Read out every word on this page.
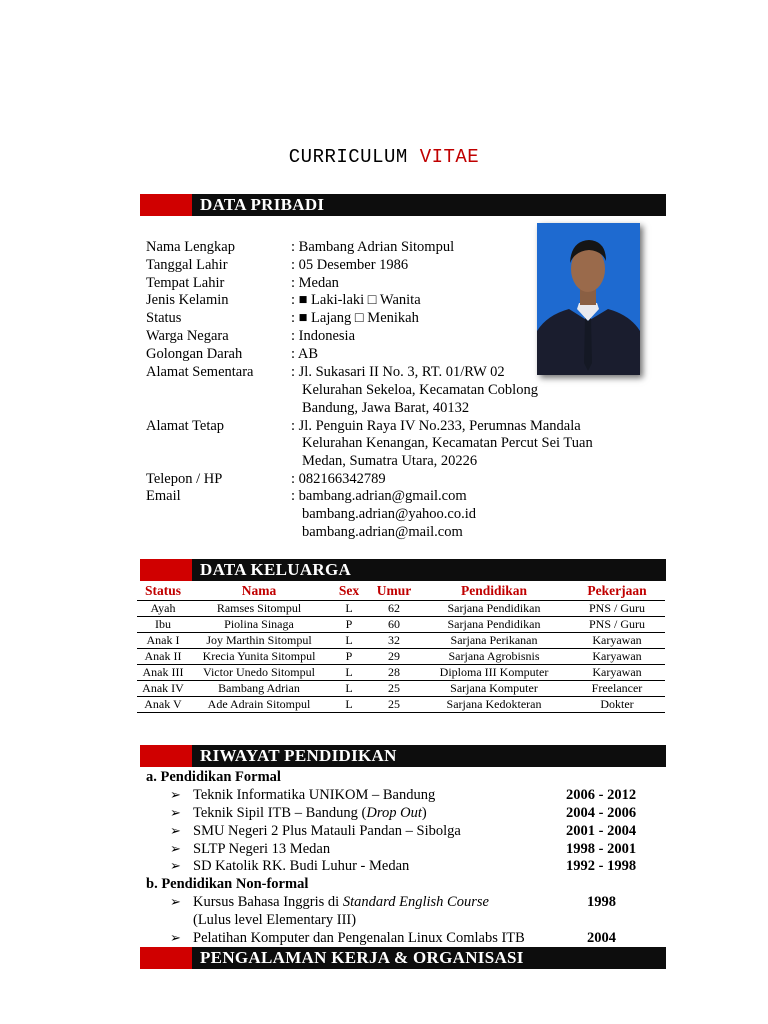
CURRICULUM VITAE
DATA PRIBADI
Nama Lengkap	: Bambang Adrian Sitompul
Tanggal Lahir	: 05 Desember 1986
Tempat Lahir	: Medan
Jenis Kelamin	: ■ Laki-laki □ Wanita
Status	: ■ Lajang □ Menikah
Warga Negara	: Indonesia
Golongan Darah	: AB
Alamat Sementara	: Jl. Sukasari II No. 3, RT. 01/RW 02
Kelurahan Sekeloa, Kecamatan Coblong
Bandung, Jawa Barat, 40132
Alamat Tetap	: Jl. Penguin Raya IV No.233, Perumnas Mandala
Kelurahan Kenangan, Kecamatan Percut Sei Tuan
Medan, Sumatra Utara, 20226
Telepon / HP	: 082166342789
Email	: bambang.adrian@gmail.com
bambang.adrian@yahoo.co.id
bambang.adrian@mail.com
DATA KELUARGA
Status	Nama	Sex	Umur	Pendidikan	Pekerjaan
Ayah	Ramses Sitompul	L	62	Sarjana Pendidikan	PNS / Guru
Ibu	Piolina Sinaga	P	60	Sarjana Pendidikan	PNS / Guru
Anak I	Joy Marthin Sitompul	L	32	Sarjana Perikanan	Karyawan
Anak II	Krecia Yunita Sitompul	P	29	Sarjana Agrobisnis	Karyawan
Anak III	Victor Unedo Sitompul	L	28	Diploma III Komputer	Karyawan
Anak IV	Bambang Adrian	L	25	Sarjana Komputer	Freelancer
Anak V	Ade Adrain Sitompul	L	25	Sarjana Kedokteran	Dokter
RIWAYAT PENDIDIKAN
a. Pendidikan Formal
➢ Teknik Informatika UNIKOM – Bandung	2006 - 2012
➢ Teknik Sipil ITB – Bandung (Drop Out)	2004 - 2006
➢ SMU Negeri 2 Plus Matauli Pandan – Sibolga	2001 - 2004
➢ SLTP Negeri 13 Medan	1998 - 2001
➢ SD Katolik RK. Budi Luhur - Medan	1992 - 1998
b. Pendidikan Non-formal
➢ Kursus Bahasa Inggris di Standard English Course	1998
(Lulus level Elementary III)
➢ Pelatihan Komputer dan Pengenalan Linux Comlabs ITB	2004
PENGALAMAN KERJA & ORGANISASI
